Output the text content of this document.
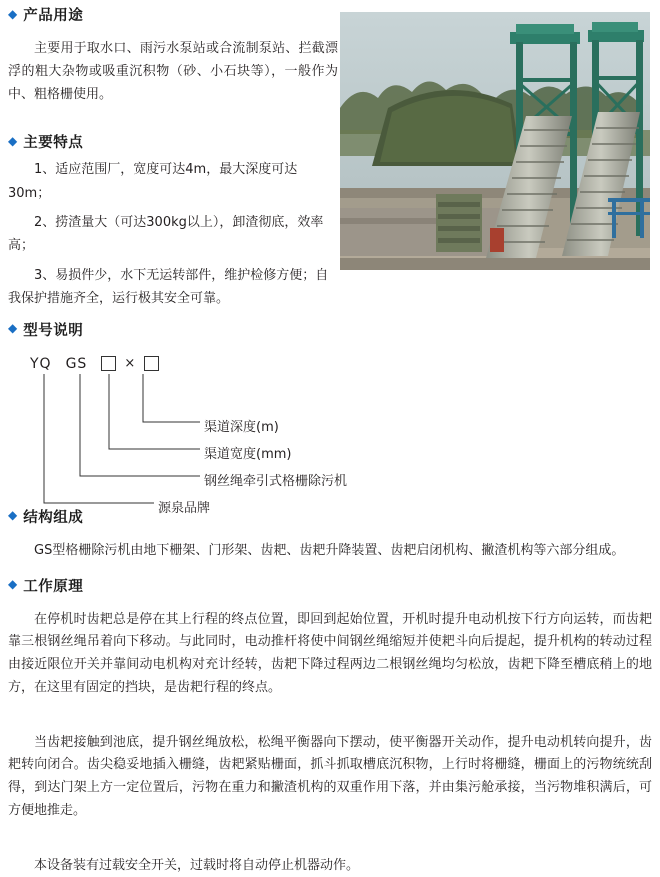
◆ 产品用途

主要用于取水口、雨污水泵站或合流制泵站、拦截漂浮的粗大杂物或吸重沉积物（砂、小石块等），一般作为中、粗格栅使用。

◆ 主要特点

1、适应范围厂，宽度可达4m，最大深度可达30m；

2、捞渣量大（可达300kg以上），卸渣彻底，效率高；

3、易损件少，水下无运转部件，维护检修方便；自我保护措施齐全，运行极其安全可靠。

◆ 型号说明
YQ GS	×
渠道深度(m)
渠道宽度(mm)
钢丝绳牵引式格栅除污机
源泉品牌
◆ 结构组成

GS型格栅除污机由地下栅架、门形架、齿耙、齿耙升降装置、齿耙启闭机构、撇渣机构等六部分组成。

◆ 工作原理

在停机时齿耙总是停在其上行程的终点位置，即回到起始位置，开机时提升电动机按下行方向运转，而齿耙靠三根钢丝绳吊着向下移动。与此同时，电动推杆将使中间钢丝绳缩短并使耙斗向后提起，提升机构的转动过程由接近限位开关并靠间动电机构对充计经转，齿耙下降过程两边二根钢丝绳均匀松放，齿耙下降至槽底稍上的地方，在这里有固定的挡块，是齿耙行程的终点。

当齿耙接触到池底，提升钢丝绳放松，松绳平衡器向下摆动，使平衡器开关动作，提升电动机转向提升，齿耙转向闭合。齿尖稳妥地插入栅缝，齿耙紧贴栅面，抓斗抓取槽底沉积物，上行时将栅缝，栅面上的污物统统刮得，到达门架上方一定位置后，污物在重力和撇渣机构的双重作用下落，并由集污舱承接，当污物堆积满后，可方便地推走。

本设备装有过载安全开关，过载时将自动停止机器动作。
